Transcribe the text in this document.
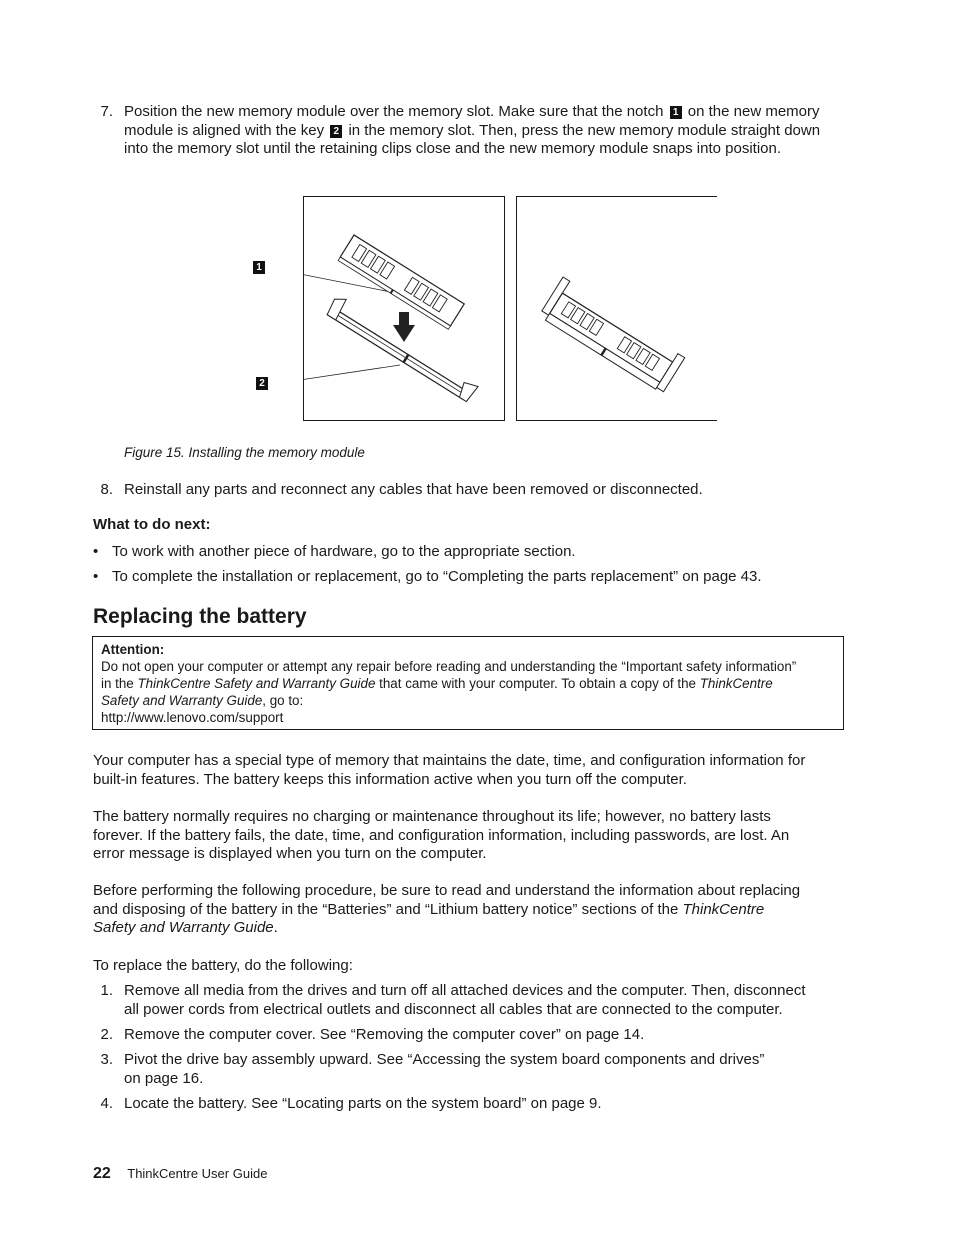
7. Position the new memory module over the memory slot. Make sure that the notch 1 on the new memory

module is aligned with the key 2 in the memory slot. Then, press the new memory module straight down

into the memory slot until the retaining clips close and the new memory module snaps into position.

1
2
Figure 15. Installing the memory module
8. Reinstall any parts and reconnect any cables that have been removed or disconnected.

What to do next:

• To work with another piece of hardware, go to the appropriate section.
• To complete the installation or replacement, go to “Completing the parts replacement” on page 43.
Replacing the battery

Attention:
Do not open your computer or attempt any repair before reading and understanding the “Important safety information”
in the ThinkCentre Safety and Warranty Guide that came with your computer. To obtain a copy of the ThinkCentre
Safety and Warranty Guide, go to:
http://www.lenovo.com/support

Your computer has a special type of memory that maintains the date, time, and configuration information for

built-in features. The battery keeps this information active when you turn off the computer.

The battery normally requires no charging or maintenance throughout its life; however, no battery lasts

forever. If the battery fails, the date, time, and configuration information, including passwords, are lost. An

error message is displayed when you turn on the computer.

Before performing the following procedure, be sure to read and understand the information about replacing

and disposing of the battery in the “Batteries” and “Lithium battery notice” sections of the ThinkCentre

Safety and Warranty Guide.

To replace the battery, do the following:

1. Remove all media from the drives and turn off all attached devices and the computer. Then, disconnect

all power cords from electrical outlets and disconnect all cables that are connected to the computer.

2. Remove the computer cover. See “Removing the computer cover” on page 14.

3. Pivot the drive bay assembly upward. See “Accessing the system board components and drives”

on page 16.

4. Locate the battery. See “Locating parts on the system board” on page 9.

22 ThinkCentre User Guide
